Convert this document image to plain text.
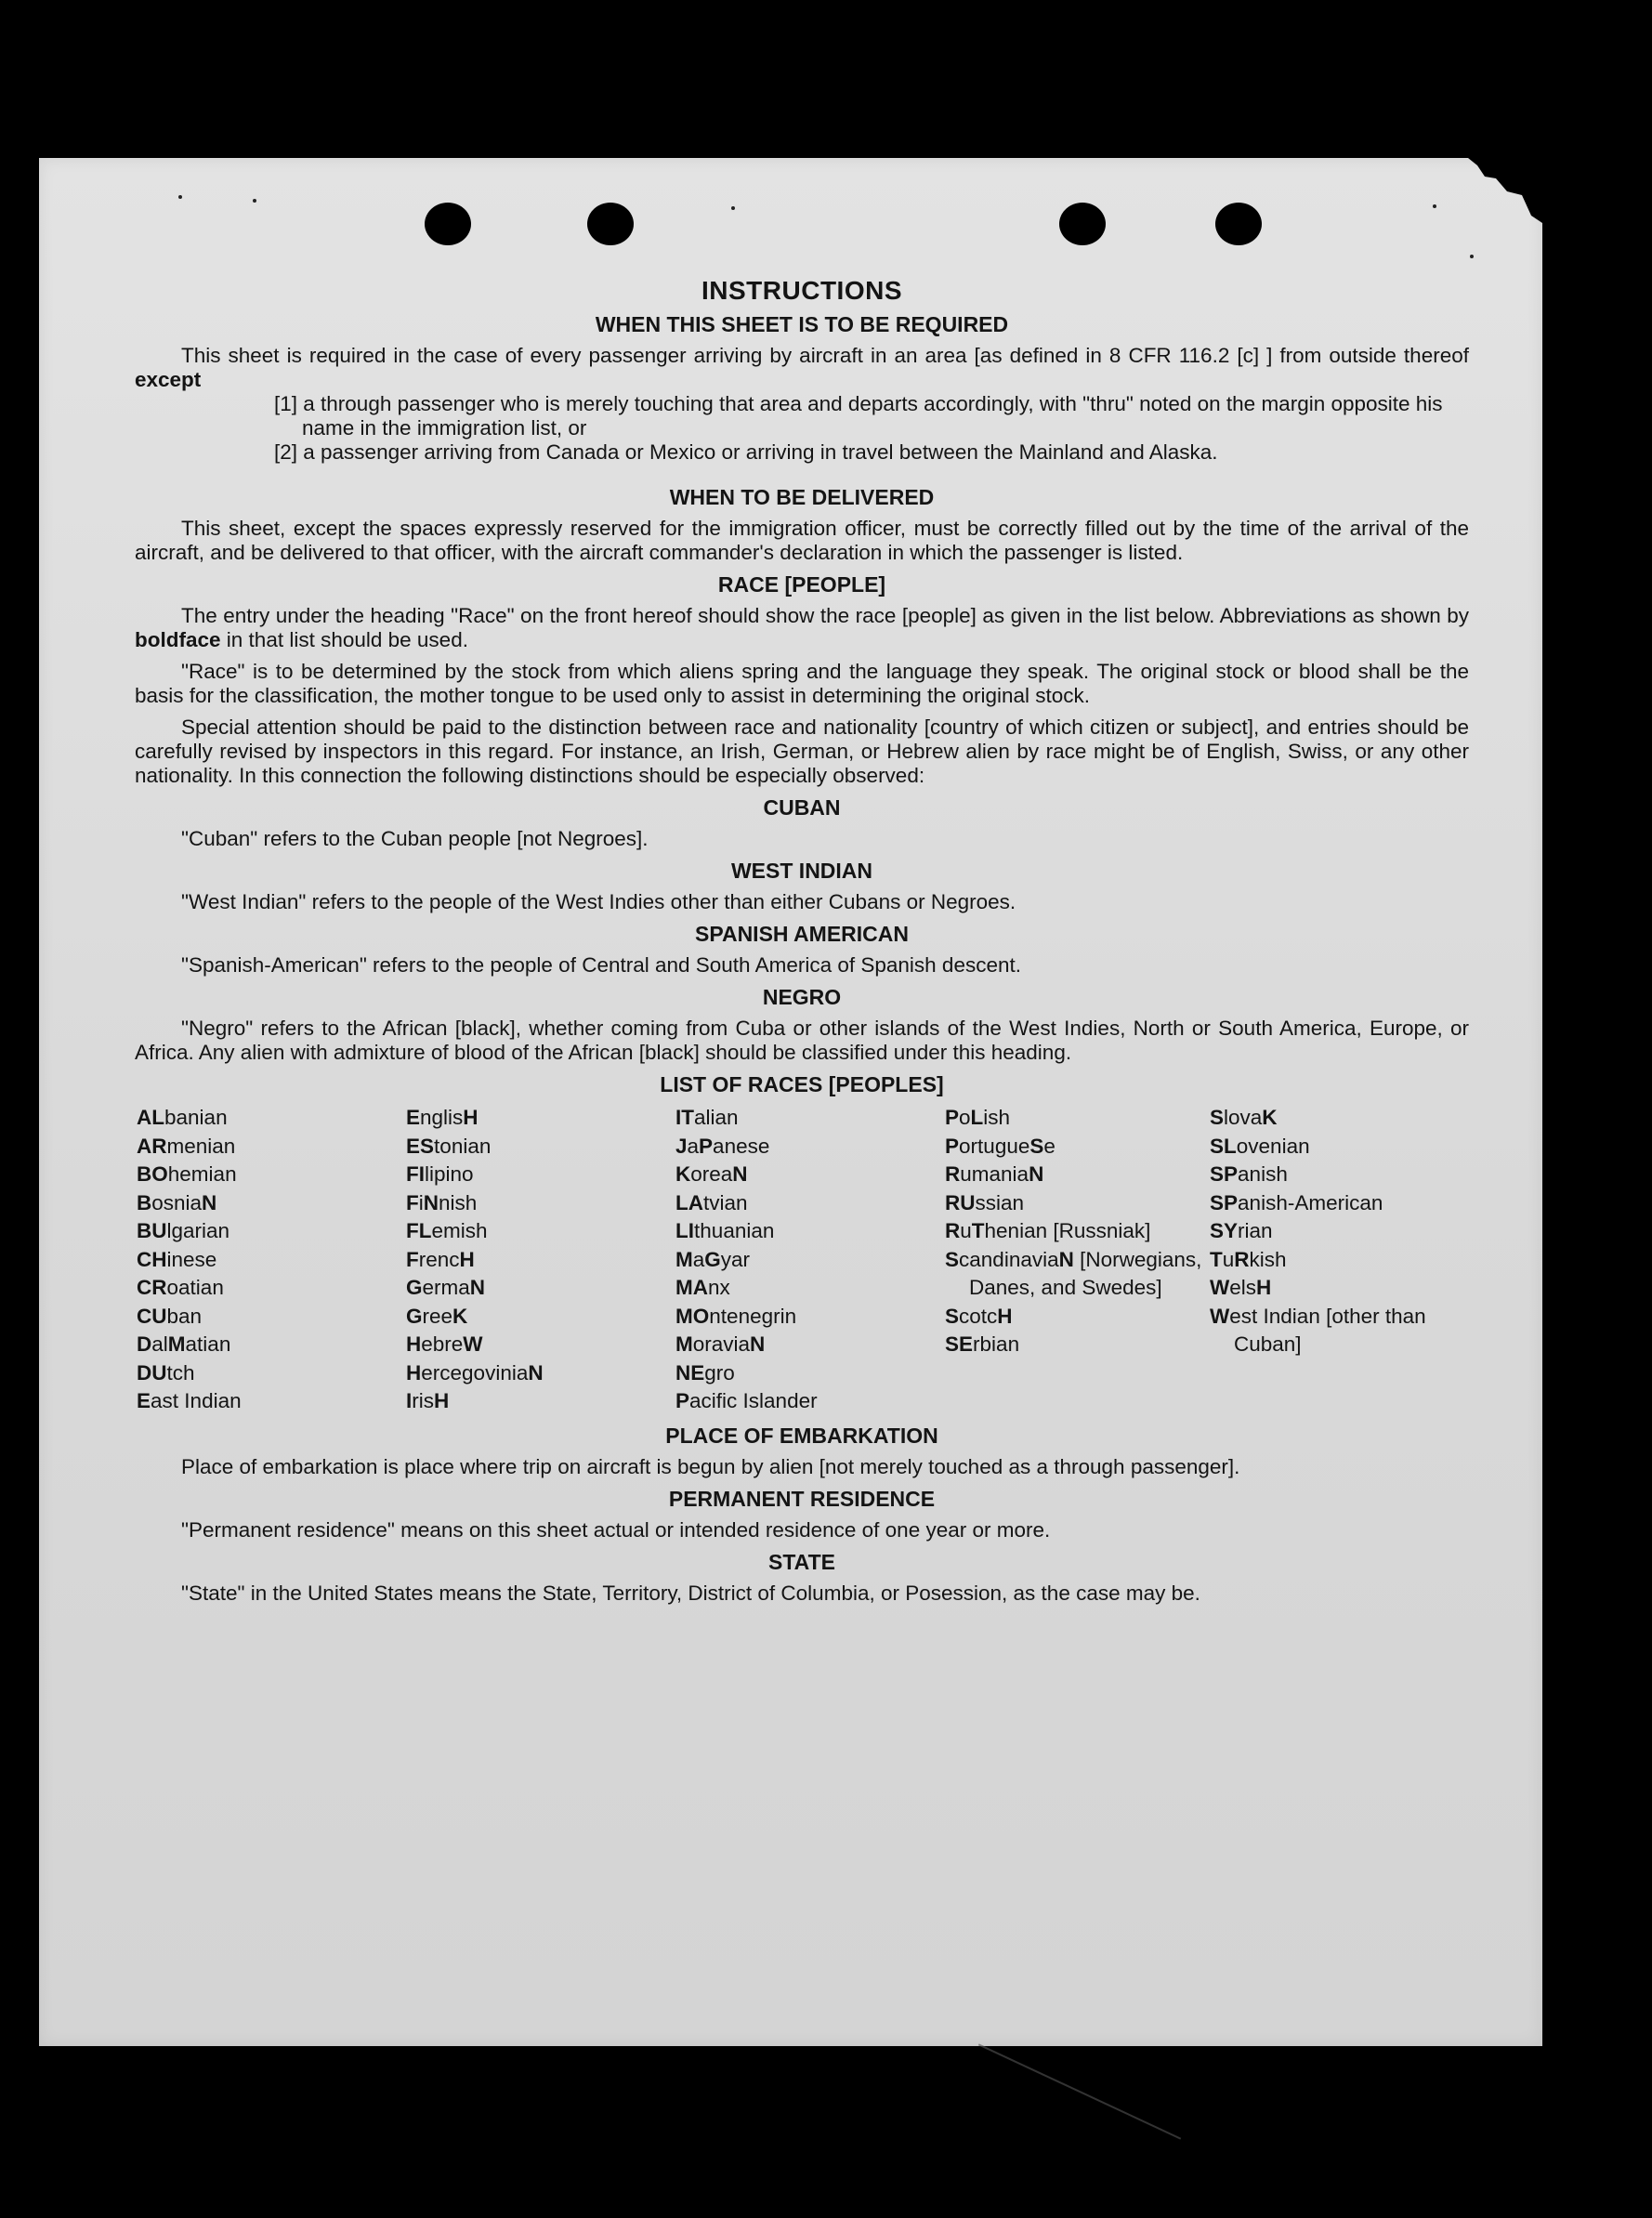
INSTRUCTIONS
WHEN THIS SHEET IS TO BE REQUIRED

This sheet is required in the case of every passenger arriving by aircraft in an area [as defined in 8 CFR 116.2 [c] ] from outside thereof except

[1] a through passenger who is merely touching that area and departs accordingly, with "thru" noted on the margin opposite his name in the immigration list, or

[2] a passenger arriving from Canada or Mexico or arriving in travel between the Mainland and Alaska.

WHEN TO BE DELIVERED

This sheet, except the spaces expressly reserved for the immigration officer, must be correctly filled out by the time of the arrival of the aircraft, and be delivered to that officer, with the aircraft commander's declaration in which the passenger is listed.

RACE [PEOPLE]

The entry under the heading "Race" on the front hereof should show the race [people] as given in the list below. Abbreviations as shown by boldface in that list should be used.

"Race" is to be determined by the stock from which aliens spring and the language they speak. The original stock or blood shall be the basis for the classification, the mother tongue to be used only to assist in determining the original stock.

Special attention should be paid to the distinction between race and nationality [country of which citizen or subject], and entries should be carefully revised by inspectors in this regard. For instance, an Irish, German, or Hebrew alien by race might be of English, Swiss, or any other nationality. In this connection the following distinctions should be especially observed:

CUBAN

"Cuban" refers to the Cuban people [not Negroes].

WEST INDIAN

"West Indian" refers to the people of the West Indies other than either Cubans or Negroes.

SPANISH AMERICAN

"Spanish-American" refers to the people of Central and South America of Spanish descent.

NEGRO

"Negro" refers to the African [black], whether coming from Cuba or other islands of the West Indies, North or South America, Europe, or Africa. Any alien with admixture of blood of the African [black] should be classified under this heading.

LIST OF RACES [PEOPLES]
ALbanian
ARmenian
BOhemian
BosniaN
BUlgarian
CHinese
CRoatian
CUban
DalMatian
DUtch
East Indian
EnglisH
EStonian
FIlipino
FiNnish
FLemish
FrencH
GermaN
GreeK
HebreW
HercegoviniaN
IrisH
ITalian
JaPanese
KoreaN
LAtvian
LIthuanian
MaGyar
MAnx
MOntenegrin
MoraviaN
NEgro
Pacific Islander
PoLish
PortugueSe
RumaniaN
RUssian
RuThenian [Russniak]
ScandinaviaN [Norwegians, Danes, and Swedes]
ScotcH
SErbian
SlovaK
SLovenian
SPanish
SPanish-American
SYrian
TuRkish
WelsH
West Indian [other than Cuban]
PLACE OF EMBARKATION

Place of embarkation is place where trip on aircraft is begun by alien [not merely touched as a through passenger].

PERMANENT RESIDENCE

"Permanent residence" means on this sheet actual or intended residence of one year or more.

STATE

"State" in the United States means the State, Territory, District of Columbia, or Posession, as the case may be.
